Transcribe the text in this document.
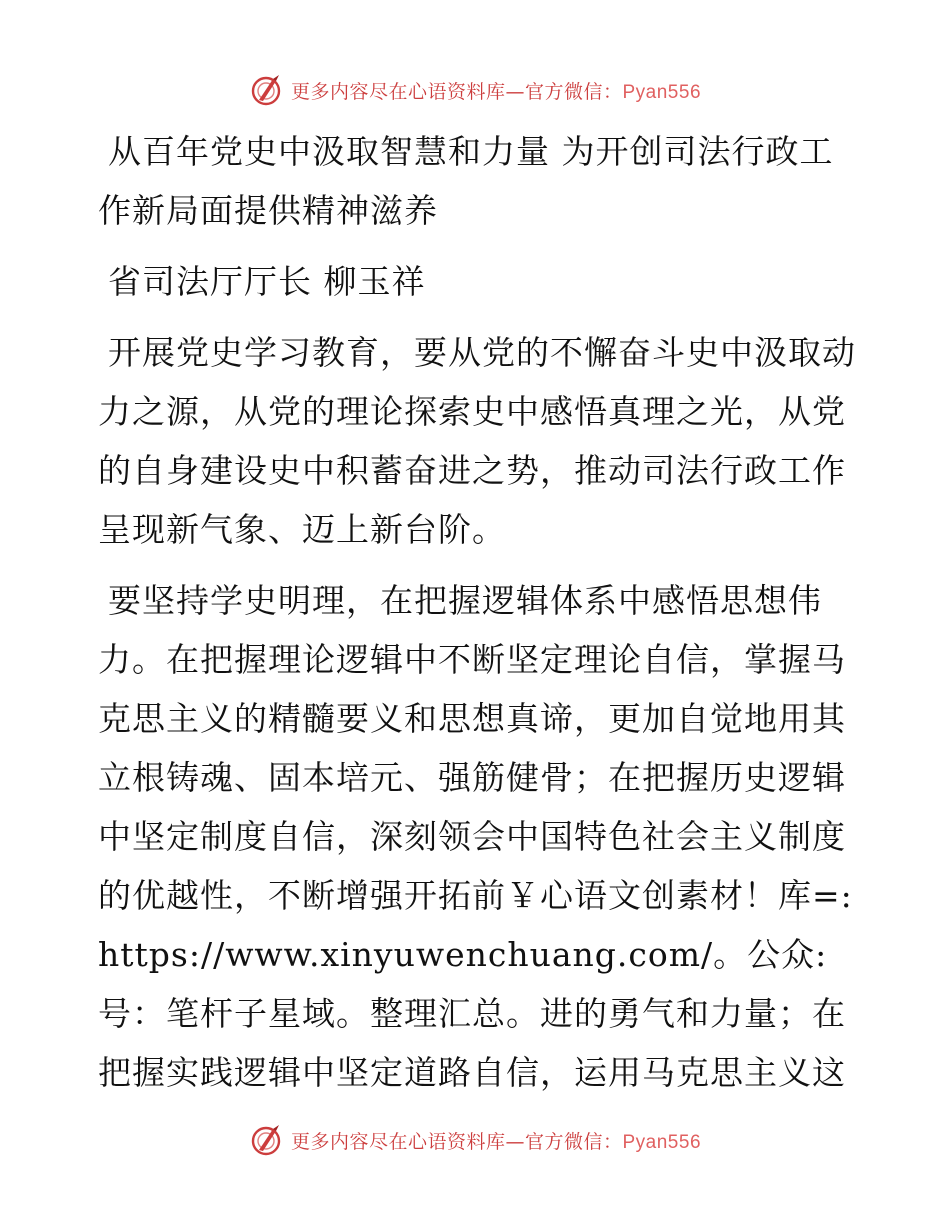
更多内容尽在心语资料库—官方微信：Pyan556

从百年党史中汲取智慧和力量 为开创司法行政工作新局面提供精神滋养

省司法厅厅长 柳玉祥

开展党史学习教育，要从党的不懈奋斗史中汲取动力之源，从党的理论探索史中感悟真理之光，从党的自身建设史中积蓄奋进之势，推动司法行政工作呈现新气象、迈上新台阶。

要坚持学史明理，在把握逻辑体系中感悟思想伟力。在把握理论逻辑中不断坚定理论自信，掌握马克思主义的精髓要义和思想真谛，更加自觉地用其立根铸魂、固本培元、强筋健骨；在把握历史逻辑中坚定制度自信，深刻领会中国特色社会主义制度的优越性，不断增强开拓前￥心语文创素材！库=: https://www.xinyuwenchuang.com/。公众:号：笔杆子星域。整理汇总。进的勇气和力量；在把握实践逻辑中坚定道路自信，运用马克思主义这

更多内容尽在心语资料库—官方微信：Pyan556
